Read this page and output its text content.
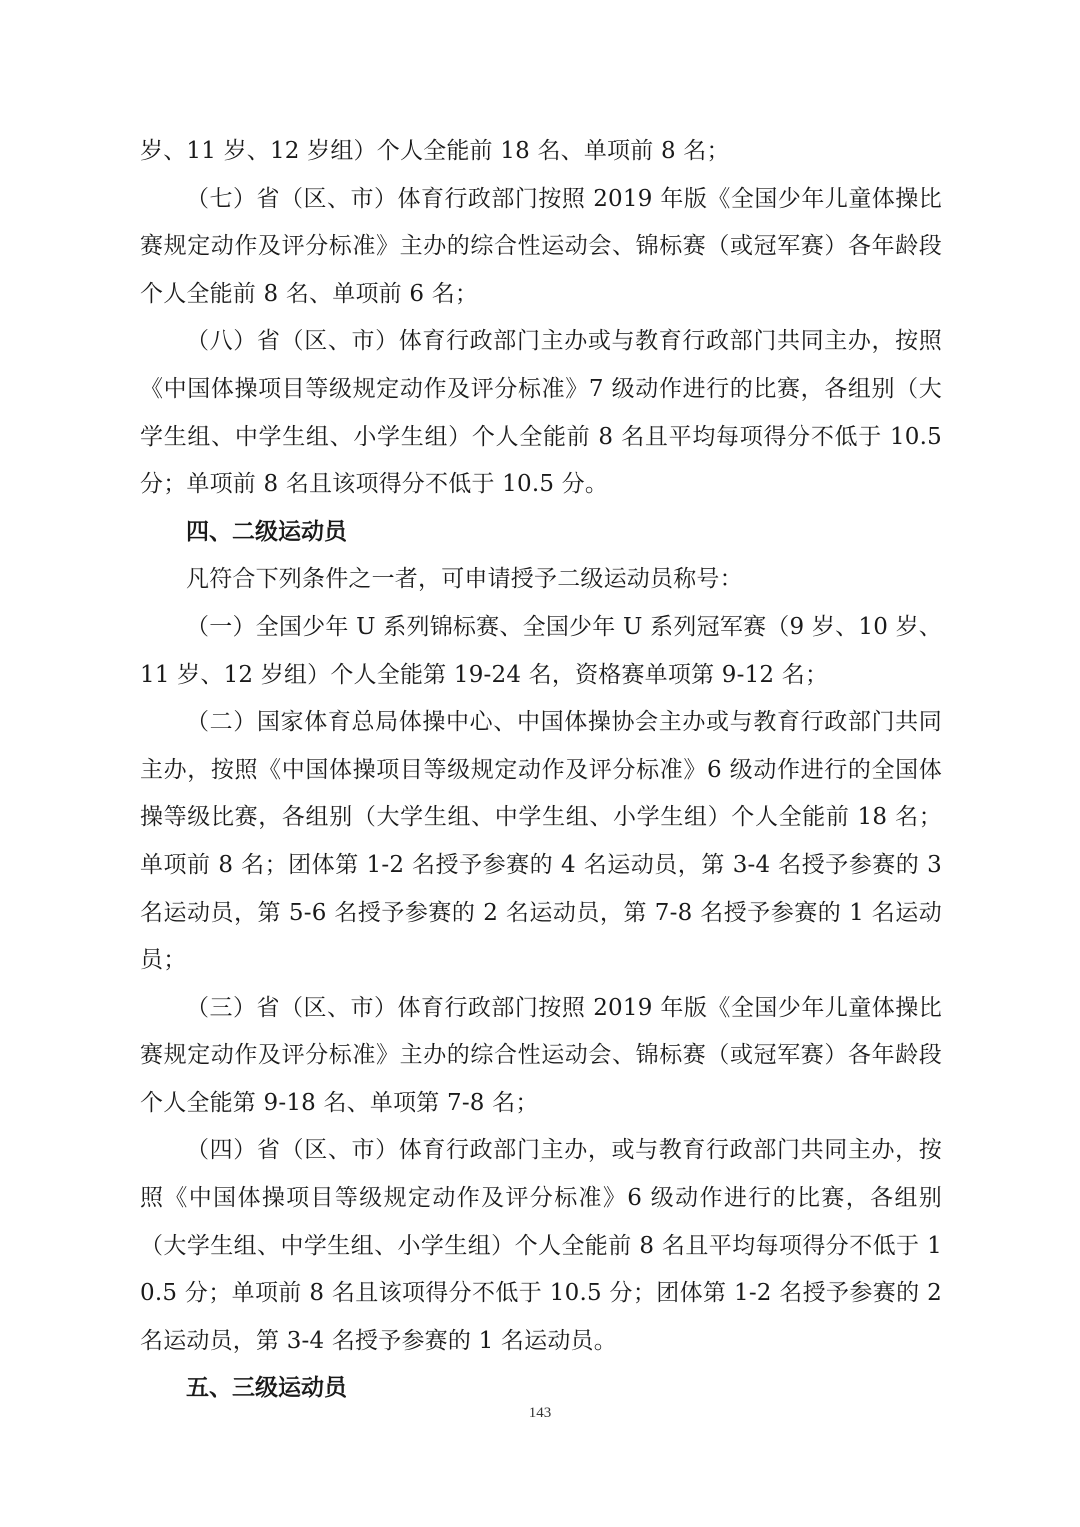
岁、11 岁、12 岁组）个人全能前 18 名、单项前 8 名；

（七）省（区、市）体育行政部门按照 2019 年版《全国少年儿童体操比赛规定动作及评分标准》主办的综合性运动会、锦标赛（或冠军赛）各年龄段个人全能前 8 名、单项前 6 名；

（八）省（区、市）体育行政部门主办或与教育行政部门共同主办，按照《中国体操项目等级规定动作及评分标准》7 级动作进行的比赛，各组别（大学生组、中学生组、小学生组）个人全能前 8 名且平均每项得分不低于 10.5 分；单项前 8 名且该项得分不低于 10.5 分。

四、二级运动员

凡符合下列条件之一者，可申请授予二级运动员称号：

（一）全国少年 U 系列锦标赛、全国少年 U 系列冠军赛（9 岁、10 岁、11 岁、12 岁组）个人全能第 19-24 名，资格赛单项第 9-12 名；

（二）国家体育总局体操中心、中国体操协会主办或与教育行政部门共同主办，按照《中国体操项目等级规定动作及评分标准》6 级动作进行的全国体操等级比赛，各组别（大学生组、中学生组、小学生组）个人全能前 18 名；单项前 8 名；团体第 1-2 名授予参赛的 4 名运动员，第 3-4 名授予参赛的 3 名运动员，第 5-6 名授予参赛的 2 名运动员，第 7-8 名授予参赛的 1 名运动员；

（三）省（区、市）体育行政部门按照 2019 年版《全国少年儿童体操比赛规定动作及评分标准》主办的综合性运动会、锦标赛（或冠军赛）各年龄段个人全能第 9-18 名、单项第 7-8 名；

（四）省（区、市）体育行政部门主办，或与教育行政部门共同主办，按照《中国体操项目等级规定动作及评分标准》6 级动作进行的比赛，各组别（大学生组、中学生组、小学生组）个人全能前 8 名且平均每项得分不低于 10.5 分；单项前 8 名且该项得分不低于 10.5 分；团体第 1-2 名授予参赛的 2 名运动员，第 3-4 名授予参赛的 1 名运动员。

五、三级运动员

143
